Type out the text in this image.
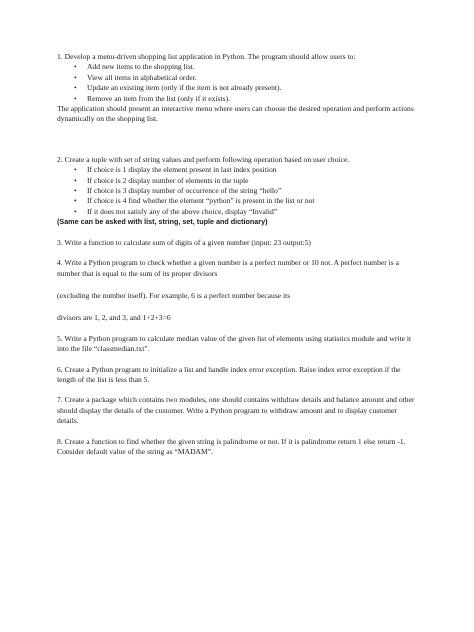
1. Develop a menu-driven shopping list application in Python. The program should allow users to:

• Add new items to the shopping list.
• View all items in alphabetical order.
• Update an existing item (only if the item is not already present).
• Remove an item from the list (only if it exists).

The application should present an interactive menu where users can choose the desired operation and perform actions dynamically on the shopping list.

2. Create a tuple with set of string values and perform following operation based on user choice.

• If choice is 1 display the element present in last index position
• If choice is 2 display number of elements in the tuple
• If choice is 3 display number of occurrence of the string “hello”
• If choice is 4 find whether the element “python” is present in the list or not
• If it does not satisfy any of the above choice, display “Invalid”

(Same can be asked with list, string, set, tuple and dictionary)

3. Write a function to calculate sum of digits of a given number (input: 23 output:5)

4. Write a Python program to check whether a given number is a perfect number or 10 not. A perfect number is a number that is equal to the sum of its proper divisors

(excluding the number itself). For example, 6 is a perfect number because its

divisors are 1, 2, and 3, and 1+2+3=6

5. Write a Python program to calculate median value of the given list of elements using statistics module and write it into the file “classmedian.txt”.

6. Create a Python program to initialize a list and handle index error exception. Raise index error exception if the length of the list is less than 5.

7. Create a package which contains two modules, one should contains withdraw details and balance amount and other should display the details of the customer. Write a Python program to withdraw amount and to display customer details.

8. Create a function to find whether the given string is palindrome or not. If it is palindrome return 1 else return -1. Consider default value of the string as “MADAM”.
